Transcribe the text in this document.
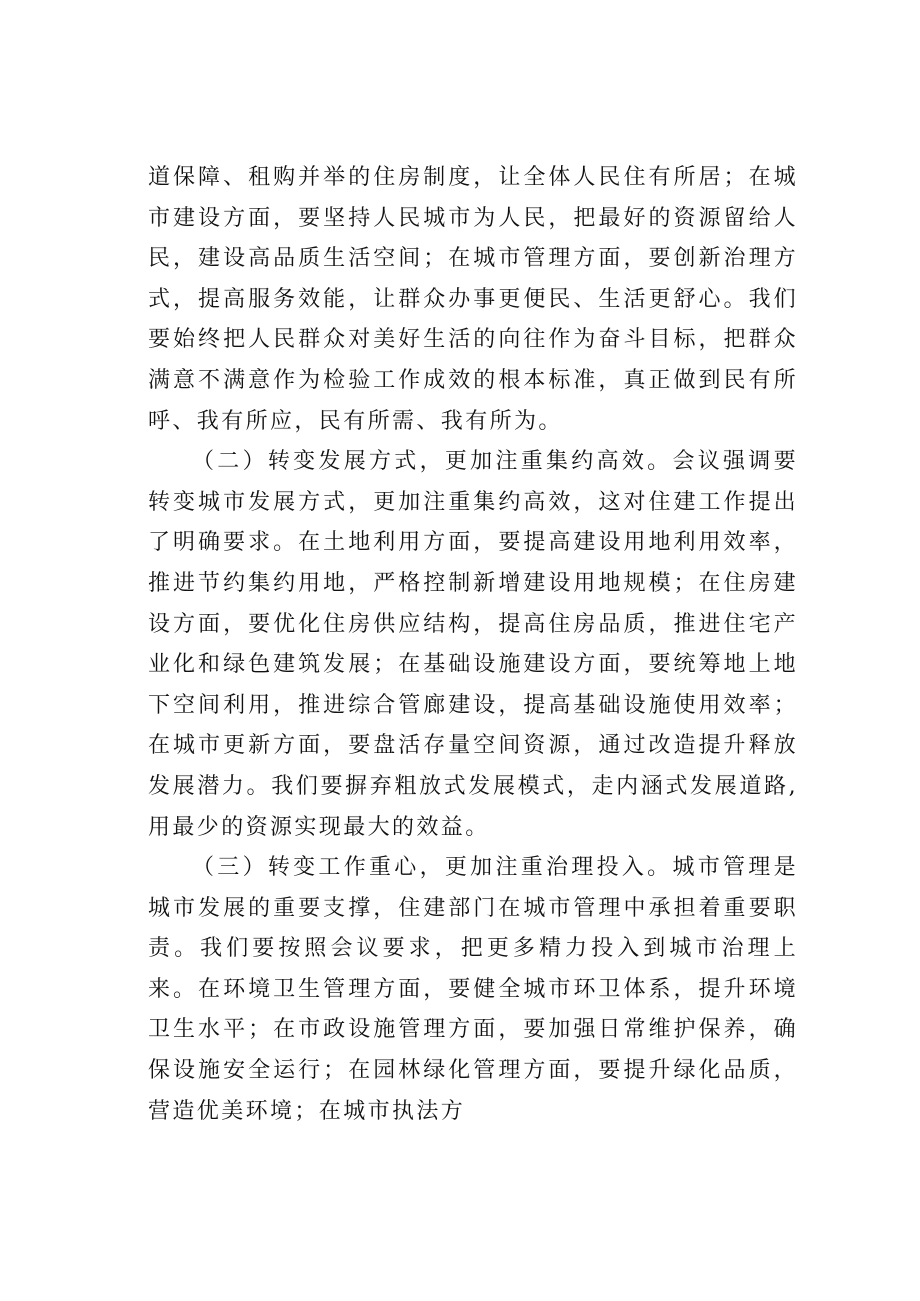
道保障、租购并举的住房制度，让全体人民住有所居；在城市建设方面，要坚持人民城市为人民，把最好的资源留给人民，建设高品质生活空间；在城市管理方面，要创新治理方式，提高服务效能，让群众办事更便民、生活更舒心。我们要始终把人民群众对美好生活的向往作为奋斗目标，把群众满意不满意作为检验工作成效的根本标准，真正做到民有所呼、我有所应，民有所需、我有所为。

（二）转变发展方式，更加注重集约高效。会议强调要转变城市发展方式，更加注重集约高效，这对住建工作提出了明确要求。在土地利用方面，要提高建设用地利用效率，推进节约集约用地，严格控制新增建设用地规模；在住房建设方面，要优化住房供应结构，提高住房品质，推进住宅产业化和绿色建筑发展；在基础设施建设方面，要统筹地上地下空间利用，推进综合管廊建设，提高基础设施使用效率；在城市更新方面，要盘活存量空间资源，通过改造提升释放发展潜力。我们要摒弃粗放式发展模式，走内涵式发展道路,用最少的资源实现最大的效益。

（三）转变工作重心，更加注重治理投入。城市管理是城市发展的重要支撑，住建部门在城市管理中承担着重要职责。我们要按照会议要求，把更多精力投入到城市治理上来。在环境卫生管理方面，要健全城市环卫体系，提升环境卫生水平；在市政设施管理方面，要加强日常维护保养，确保设施安全运行；在园林绿化管理方面，要提升绿化品质，营造优美环境；在城市执法方
